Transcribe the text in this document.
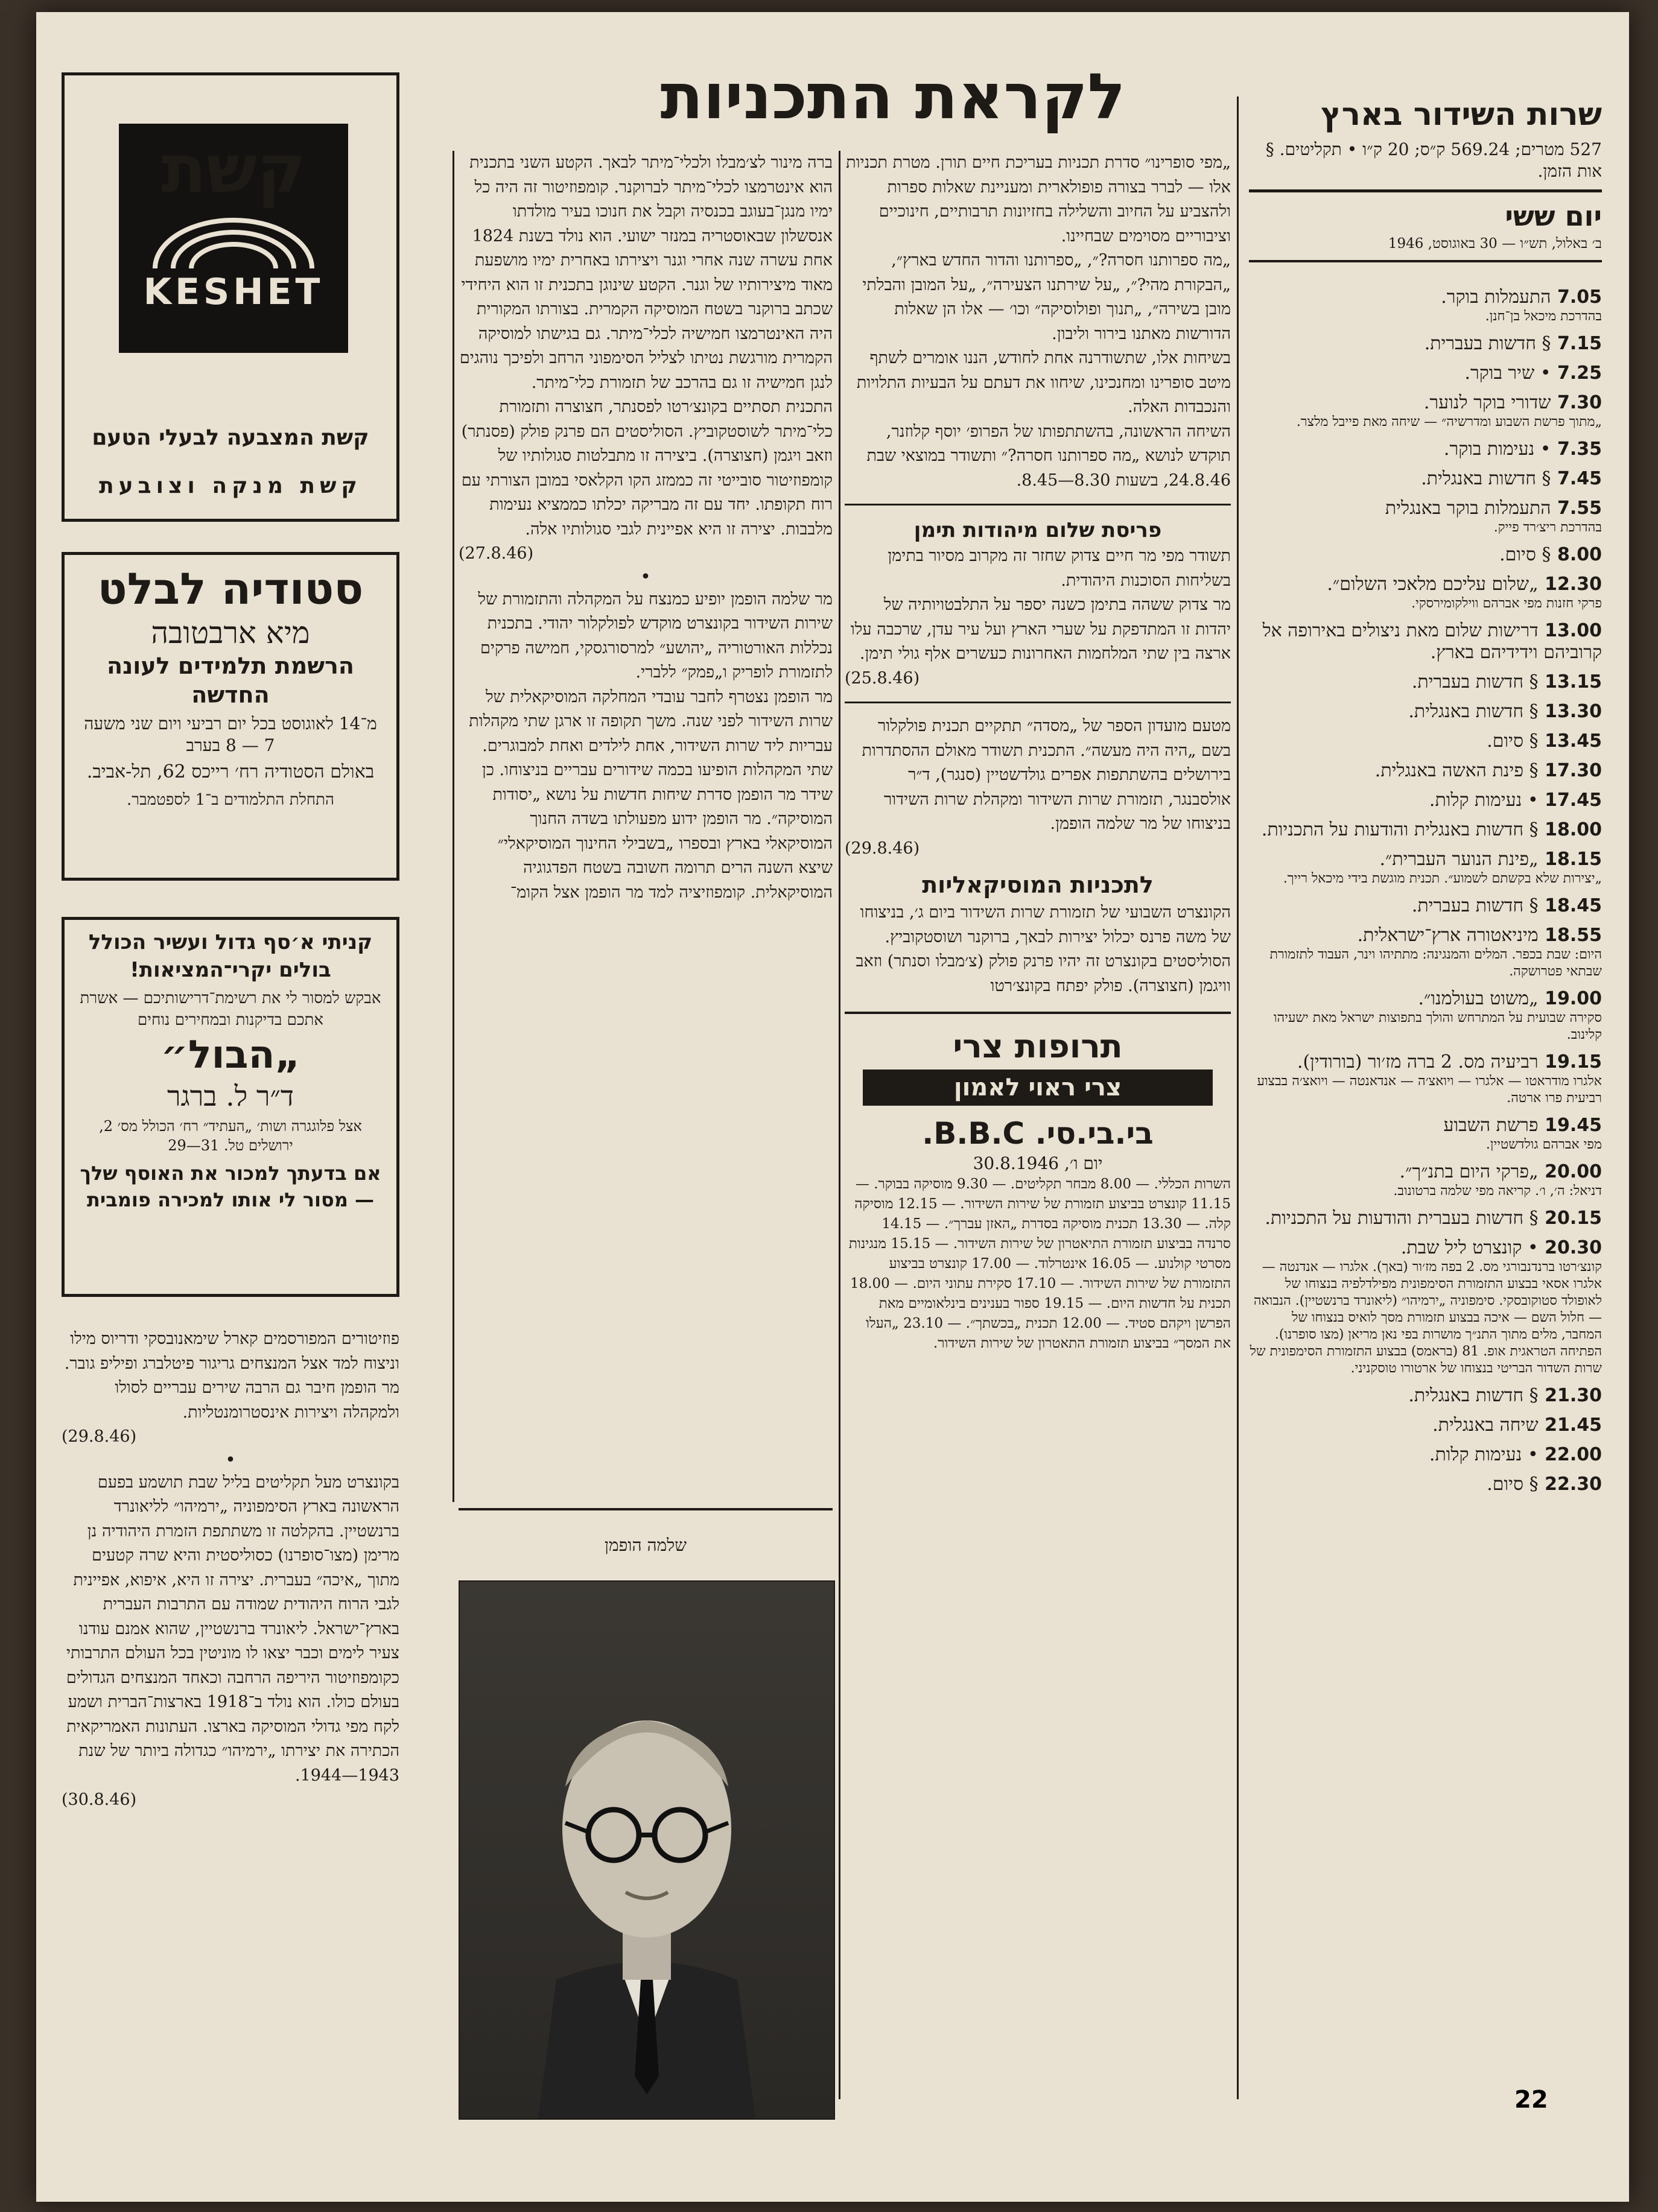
שרות השידור בארץ
527 מטרים; 569.24 ק״ס; 20 ק״ו • תקליטים. § אות הזמן.
יום ששי
ב׳ באלול, תש״ו — 30 באוגוסט, 1946
7.05 התעמלות בוקר.
בהדרכת מיכאל בן־חנן.
7.15 § חדשות בעברית.
7.25 • שיר בוקר.
7.30 שדורי בוקר לנוער.
„מתוך פרשת השבוע ומדרשיה״ — שיחה מאת פייבל מלצר.
7.35 • נעימות בוקר.
7.45 § חדשות באנגלית.
7.55 התעמלות בוקר באנגלית
בהדרכת ריצ׳רד פייק.
8.00 § סיום.
12.30 „שלום עליכם מלאכי השלום״.
פרקי חזנות מפי אברהם ווילקומירסקי.
13.00 דרישות שלום מאת ניצולים באירופה אל קרוביהם וידידיהם בארץ.
13.15 § חדשות בעברית.
13.30 § חדשות באנגלית.
13.45 § סיום.
17.30 § פינת האשה באנגלית.
17.45 • נעימות קלות.
18.00 § חדשות באנגלית והודעות על התכניות.
18.15 „פינת הנוער העברית״.
„יצירות שלא בקשתם לשמוע״. תכנית מוגשת בידי מיכאל רייך.
18.45 § חדשות בעברית.
18.55 מיניאטורה ארץ־ישראלית.
היום: שבת בכפר. המלים והמנגינה: מתתיהו וינר, העבוד לתזמורת שבתאי פטרושקה.
19.00 „משוט בעולמנו״.
סקירה שבועית על המתרחש והולך בתפוצות ישראל מאת ישעיהו קלינוב.
19.15 רביעיה מס. 2 ברה מז׳ור (בורודין).
אלגרו מודראטו — אלגרו — ויואצ׳ה — אנדאנטה — ויואצ׳ה בבצוע רביעית פרו ארטה.
19.45 פרשת השבוע
מפי אברהם גולדשטיין.
20.00 „פרקי היום בתנ״ך״.
דניאל: ה׳, ו׳. קריאה מפי שלמה ברטונוב.
20.15 § חדשות בעברית והודעות על התכניות.
20.30 • קונצרט ליל שבת.
קונצ׳רטו ברנדנבורגי מס. 2 בפה מז׳ור (באך). אלגרו — אנדנטה — אלגרו אסאי בבצוע התזמורת הסימפונית מפילדלפיה בנצוחו של לאופולד סטוקובסקי. סימפוניה „ירמיהו״ (ליאונרד ברנשטיין). הנבואה — חלול השם — איכה בבצוע תזמורת מסך לואיס בנצוחו של המחבר, מלים מתוך התנ״ך מושרות בפי נאן מריאן (מצו סופרנו). הפתיחה הטראגית אופ. 81 (בראמס) בבצוע התזמורת הסימפונית של שרות השדור הבריטי בנצוחו של ארטורו טוסקניני.
21.30 § חדשות באנגלית.
21.45 שיחה באנגלית.
22.00 • נעימות קלות.
22.30 § סיום.
22
לקראת התכניות

„מפי סופרינו״ סדרת תכניות בעריכת חיים תורן. מטרת תכניות אלו — לברר בצורה פופולארית ומעניינת שאלות ספרות ולהצביע על החיוב והשלילה בחזיונות תרבותיים, חינוכיים וציבוריים מסוימים שבחיינו.

„מה ספרותנו חסרה?״, „ספרותנו והדור החדש בארץ״, „הבקורת מהי?״, „על שירתנו הצעירה״, „על המובן והבלתי מובן בשירה״, „תנוך ופולוסיקה״ וכו׳ — אלו הן שאלות הדורשות מאתנו בירור וליבון.

בשיחות אלו, שתשודרנה אחת לחודש, הננו אומרים לשתף מיטב סופרינו ומחנכינו, שיחוו את דעתם על הבעיות התלויות והנכבדות האלה.

השיחה הראשונה, בהשתתפותו של הפרופ׳ יוסף קלוזנר, תוקדש לנושא „מה ספרותנו חסרה?״ ותשודר במוצאי שבת 24.8.46, בשעות 8.30—8.45.

פריסת שלום מיהודות תימן

תשודר מפי מר חיים צדוק שחזר זה מקרוב מסיור בתימן בשליחות הסוכנות היהודית.

מר צדוק ששהה בתימן כשנה יספר על התלבטויותיה של יהדות זו המתדפקת על שערי הארץ ועל עיר עדן, שרכבה עלו ארצה בין שתי המלחמות האחרונות כעשרים אלף גולי תימן.

(25.8.46)

מטעם מועדון הספר של „מסדה״ תתקיים תכנית פולקלור בשם „היה היה מעשה״. התכנית תשודר מאולם ההסתדרות בירושלים בהשתתפות אפרים גולדשטיין (סנגר), ד״ר אולסבנגר, תזמורת שרות השידור ומקהלת שרות השידור בניצוחו של מר שלמה הופמן.

(29.8.46)

לתכניות המוסיקאליות

הקונצרט השבועי של תזמורת שרות השידור ביום ג׳, בניצוחו של משה פרנס יכלול יצירות לבאך, ברוקנר ושוסטקוביץ. הסוליסטים בקונצרט זה יהיו פרנק פולק (צ׳מבלו וסנתר) וזאב וויגמן (חצוצרה). פולק יפתח בקונצ׳רטו

תרופות צרי
צרי ראוי לאמון
בי.בי.סי. B.B.C.
יום ו׳, 30.8.1946

השרות הכללי. — 8.00 מבחר תקליטים. — 9.30 מוסיקה בבוקר. — 11.15 קונצרט בביצוע תזמורת של שירות השידור. — 12.15 מוסיקה קלה. — 13.30 תכנית מוסיקה בסדרת „האזן עברך״. — 14.15 סרנדה בביצוע תזמורת התיאטרון של שירות השידור. — 15.15 מנגינות מסרטי קולנוע. — 16.05 אינטרלוד. — 17.00 קונצרט בביצוע התזמורת של שירות השידור. — 17.10 סקירת עתוני היום. — 18.00 תכנית על חדשות היום. — 19.15 ספור בענינים בינלאומיים מאת הפרשן ויקהם סטיד. — 12.00 תכנית „בכשתך״. — 23.10 „העלו את המסך״ בביצוע תזמורת התאטרון של שירות השידור.

ברה מינור לצ׳מבלו ולכלי־מיתר לבאך. הקטע השני בתכנית הוא אינטרמצו לכלי־מיתר לברוקנר. קומפוזיטור זה היה כל ימיו מנגן־בעוגב בכנסיה וקבל את חנוכו בעיר מולדתו אנסשלון שבאוסטריה במנזר ישועי. הוא נולד בשנת 1824 אחת עשרה שנה אחרי וגנר ויצירתו באחרית ימיו מושפעת מאוד מיצירותיו של וגנר. הקטע שינוגן בתכנית זו הוא היחידי שכתב ברוקנר בשטח המוסיקה הקמרית. בצורתו המקורית היה האינטרמצו חמישיה לכלי־מיתר. גם בגישתו למוסיקה הקמרית מורגשת נטיתו לצליל הסימפוני הרחב ולפיכך נוהגים לנגן חמישיה זו גם בהרכב של תזמורת כלי־מיתר.

התכנית תסתיים בקונצ׳רטו לפסנתר, חצוצרה ותזמורת כלי־מיתר לשוסטקוביץ. הסוליסטים הם פרנק פולק (פסנתר) וזאב ויגמן (חצוצרה). ביצירה זו מתבלטות סגולותיו של קומפוזיטור סובייטי זה כממזג הקו הקלאסי במובן הצורתי עם רוח תקופתו. יחד עם זה מבריקה יכלתו כממציא נעימות מלבבות. יצירה זו היא אפיינית לגבי סגולותיו אלה.

(27.8.46)

•

מר שלמה הופמן יופיע כמנצח על המקהלה והתזמורת של שירות השידור בקונצרט מוקדש לפולקלור יהודי. בתכנית נכללות האורטוריה „יהושע״ למרסורגסקי, חמישה פרקים לתזמורת לופריק ו„פמק״ ללברי.

מר הופמן נצטרף לחבר עובדי המחלקה המוסיקאלית של שרות השידור לפני שנה. משך תקופה זו ארגן שתי מקהלות עבריות ליד שרות השידור, אחת לילדים ואחת למבוגרים. שתי המקהלות הופיעו בכמה שידורים עבריים בניצוחו. כן שידר מר הופמן סדרת שיחות חדשות על נושא „יסודות המוסיקה״. מר הופמן ידוע מפעולתו בשדה החנוך המוסיקאלי בארץ ובספרו „בשבילי החינוך המוסיקאלי״ שיצא השנה הרים תרומה חשובה בשטח הפדגוגיה המוסיקאלית. קומפוזיציה למד מר הופמן אצל הקומ־

שלמה הופמן
קשת
KESHET
קשת המצבעה לבעלי הטעם
קשת מנקה וצובעת
סטודיה לבלט
מיא ארבטובה
הרשמת תלמידים לעונה החדשה
מ־14 לאוגוסט בכל יום רביעי ויום שני משעה 7 — 8 בערב
באולם הסטודיה רח׳ רייכס 62, תל-אביב.
התחלת התלמודים ב־1 לספטמבר.
קניתי א׳סף גדול ועשיר הכולל בולים יקרי־המציאות!
אבקש למסור לי את רשימת־דרישותיכם — אשרת אתכם בדיקנות ובמחירים נוחים
„הבול״
ד״ר ל. ברגר
אצל פלוגגרה ושות׳ „העתיד״ רח׳ הכולל מס׳ 2, ירושלים טל. 31—29
אם בדעתך למכור את האוסף שלך — מסור לי אותו למכירה פומבית

פוזיטורים המפורסמים קארל שימאנובסקי ודריוס מילו וניצוח למד אצל המנצחים גריגור פיטלברג ופיליפ גובר.

מר הופמן חיבר גם הרבה שירים עבריים לסולו ולמקהלה ויצירות אינסטרומנטליות.

(29.8.46)

•

בקונצרט מעל תקליטים בליל שבת תושמע בפעם הראשונה בארץ הסימפוניה „ירמיהו״ לליאונרד ברנשטיין. בהקלטה זו משתתפת הזמרת היהודיה נן מרימן (מצו־סופרנו) כסוליסטית והיא שרה קטעים מתוך „איכה״ בעברית. יצירה זו היא, איפוא, אפיינית לגבי הרוח היהודית שמודה עם התרבות העברית בארץ־ישראל. ליאונרד ברנשטיין, שהוא אמנם עודנו צעיר לימים וכבר יצאו לו מוניטין בכל העולם התרבותי כקומפוזיטור היריפה הרחבה וכאחד המנצחים הגדולים בעולם כולו. הוא נולד ב־1918 בארצות־הברית ושמע לקח מפי גדולי המוסיקה בארצו. העתונות האמריקאית הכתירה את יצירתו „ירמיהו״ כגדולה ביותר של שנת 1943—1944.

(30.8.46)
